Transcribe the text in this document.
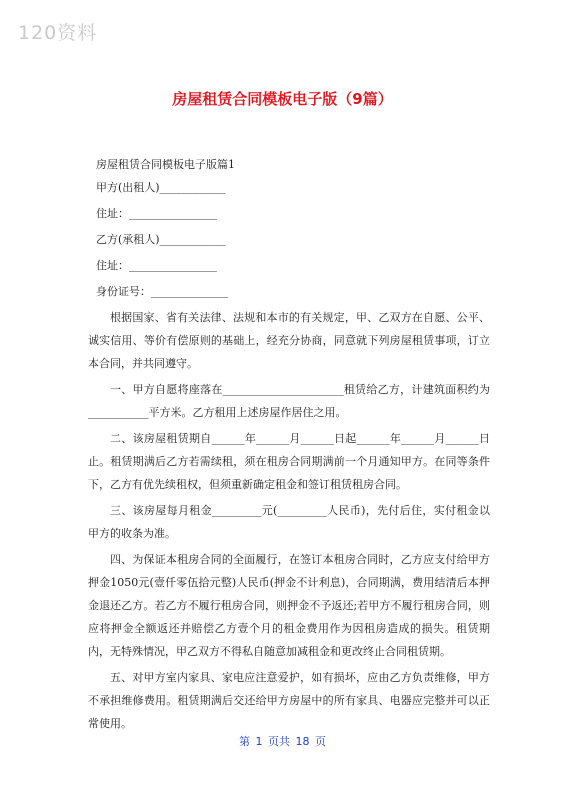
120资料
房屋租赁合同模板电子版（9篇）
房屋租赁合同模板电子版篇1
甲方(出租人)____________
住址：________________
乙方(承租人)____________
住址：________________
身份证号：______________
根据国家、省有关法律、法规和本市的有关规定，甲、乙双方在自愿、公平、诚实信用、等价有偿原则的基础上，经充分协商，同意就下列房屋租赁事项，订立本合同，并共同遵守。
一、甲方自愿将座落在______________________租赁给乙方，计建筑面积约为___________平方米。乙方租用上述房屋作居住之用。
二、该房屋租赁期自______年______月______日起______年______月______日止。租赁期满后乙方若需续租，须在租房合同期满前一个月通知甲方。在同等条件下，乙方有优先续租权，但须重新确定租金和签订租赁租房合同。
三、该房屋每月租金_________元(_________人民币)，先付后住，实付租金以甲方的收条为准。
四、为保证本租房合同的全面履行，在签订本租房合同时，乙方应支付给甲方押金1050元(壹仟零伍拾元整)人民币(押金不计利息)，合同期满，费用结清后本押金退还乙方。若乙方不履行租房合同，则押金不予返还;若甲方不履行租房合同，则应将押金全额返还并赔偿乙方壹个月的租金费用作为因租房造成的损失。租赁期内，无特殊情况，甲乙双方不得私自随意加减租金和更改终止合同租赁期。
五、对甲方室内家具、家电应注意爱护，如有损坏，应由乙方负责维修，甲方不承担维修费用。租赁期满后交还给甲方房屋中的所有家具、电器应完整并可以正常使用。
第 1 页共 18 页
